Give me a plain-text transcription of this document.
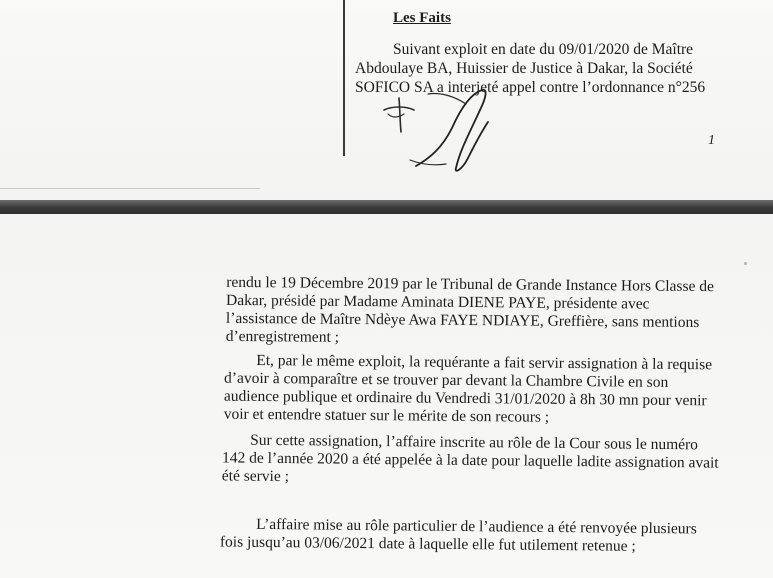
Les Faits

Suivant exploit en date du 09/01/2020 de Maître

Abdoulaye BA, Huissier de Justice à Dakar, la Société

SOFICO SA a interjeté appel contre l’ordonnance n°256

1

rendu le 19 Décembre 2019 par le Tribunal de Grande Instance Hors Classe de
Dakar, présidé par Madame Aminata DIENE PAYE, présidente avec
l’assistance de Maître Ndèye Awa FAYE NDIAYE, Greffière, sans mentions
d’enregistrement ;

Et, par le même exploit, la requérante a fait servir assignation à la requise
d’avoir à comparaître et se trouver par devant la Chambre Civile en son
audience publique et ordinaire du Vendredi 31/01/2020 à 8h 30 mn pour venir
voir et entendre statuer sur le mérite de son recours ;

Sur cette assignation, l’affaire inscrite au rôle de la Cour sous le numéro
142 de l’année 2020 a été appelée à la date pour laquelle ladite assignation avait
été servie ;

L’affaire mise au rôle particulier de l’audience a été renvoyée plusieurs
fois jusqu’au 03/06/2021 date à laquelle elle fut utilement retenue ;
